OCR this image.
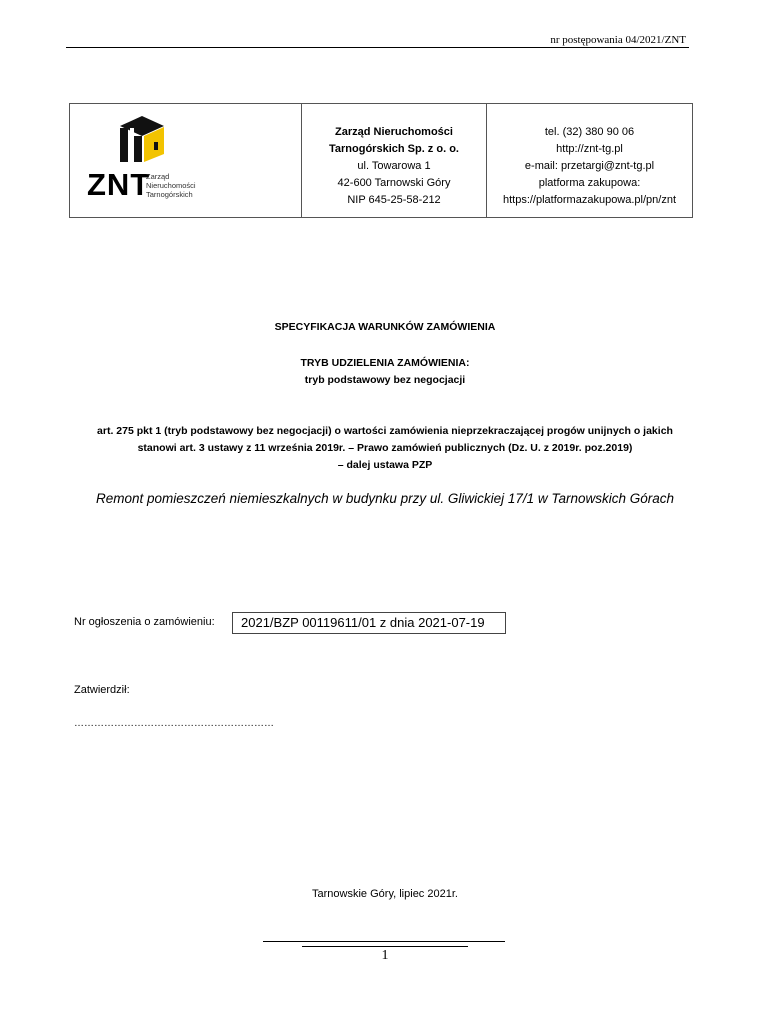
nr postępowania 04/2021/ZNT
ZNT
Zarząd
Nieruchomości
Tarnogórskich
Zarząd Nieruchomości
Tarnogórskich Sp. z o. o.
ul. Towarowa 1
42-600 Tarnowski Góry
NIP 645-25-58-212
tel. (32) 380 90 06
http://znt-tg.pl
e-mail: przetargi@znt-tg.pl
platforma zakupowa:
https://platformazakupowa.pl/pn/znt
SPECYFIKACJA WARUNKÓW ZAMÓWIENIA
TRYB UDZIELENIA ZAMÓWIENIA:
tryb podstawowy bez negocjacji
art. 275 pkt 1 (tryb podstawowy bez negocjacji) o wartości zamówienia nieprzekraczającej progów unijnych o jakich
stanowi art. 3 ustawy z 11 września 2019r. – Prawo zamówień publicznych (Dz. U. z 2019r. poz.2019)
– dalej ustawa PZP
Remont pomieszczeń niemieszkalnych w budynku przy ul. Gliwickiej 17/1 w Tarnowskich Górach
Nr ogłoszenia o zamówieniu:	2021/BZP 00119611/01 z dnia 2021-07-19
Zatwierdził:
……………………………………………………
Tarnowskie Góry, lipiec 2021r.
1
